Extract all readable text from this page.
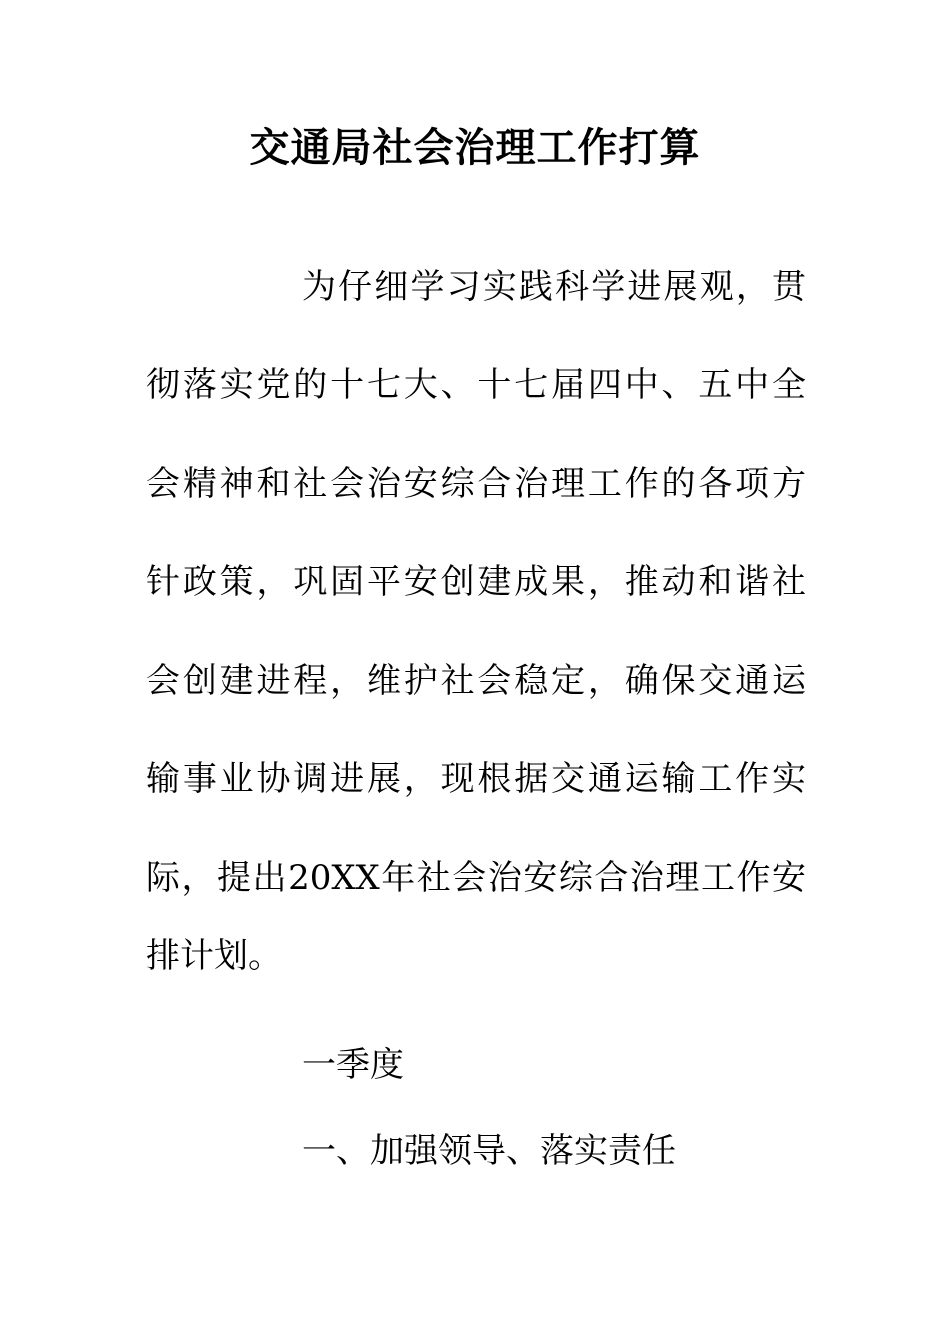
交通局社会治理工作打算

为仔细学习实践科学进展观，贯

彻落实党的十七大、十七届四中、五中全

会精神和社会治安综合治理工作的各项方

针政策，巩固平安创建成果，推动和谐社

会创建进程，维护社会稳定，确保交通运

输事业协调进展，现根据交通运输工作实

际，提出20XX年社会治安综合治理工作安

排计划。

一季度

一、加强领导、落实责任
